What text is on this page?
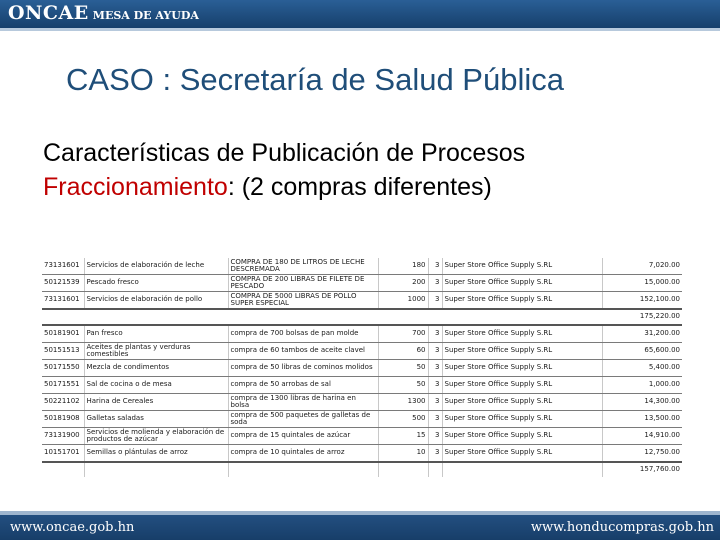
ONCAE MESA DE AYUDA
CASO : Secretaría de Salud Pública
Características de Publicación de Procesos
Fraccionamiento: (2 compras diferentes)
73131601	Servicios de elaboración de leche	COMPRA DE 180 DE LITROS DE LECHE DESCREMADA	180	3	Super Store Office Supply S.RL	7,020.00
50121539	Pescado fresco	COMPRA DE 200 LIBRAS DE FILETE DE PESCADO	200	3	Super Store Office Supply S.RL	15,000.00
73131601	Servicios de elaboración de pollo	COMPRA DE 5000 LIBRAS DE POLLO SUPER ESPECIAL	1000	3	Super Store Office Supply S.RL	152,100.00
						175,220.00
50181901	Pan fresco	compra de 700 bolsas de pan molde	700	3	Super Store Office Supply S.RL	31,200.00
50151513	Aceites de plantas y verduras comestibles	compra de 60 tambos de aceite clavel	60	3	Super Store Office Supply S.RL	65,600.00
50171550	Mezcla de condimentos	compra de 50 libras de cominos molidos	50	3	Super Store Office Supply S.RL	5,400.00
50171551	Sal de cocina o de mesa	compra de 50 arrobas de sal	50	3	Super Store Office Supply S.RL	1,000.00
50221102	Harina de Cereales	compra de 1300 libras de harina en bolsa	1300	3	Super Store Office Supply S.RL	14,300.00
50181908	Galletas saladas	compra de 500 paquetes de galletas de soda	500	3	Super Store Office Supply S.RL	13,500.00
73131900	Servicios de molienda y elaboración de productos de azúcar	compra de 15 quintales de azúcar	15	3	Super Store Office Supply S.RL	14,910.00
10151701	Semillas o plántulas de arroz	compra de 10 quintales de arroz	10	3	Super Store Office Supply S.RL	12,750.00
						157,760.00
www.oncae.gob.hn	www.honducompras.gob.hn
